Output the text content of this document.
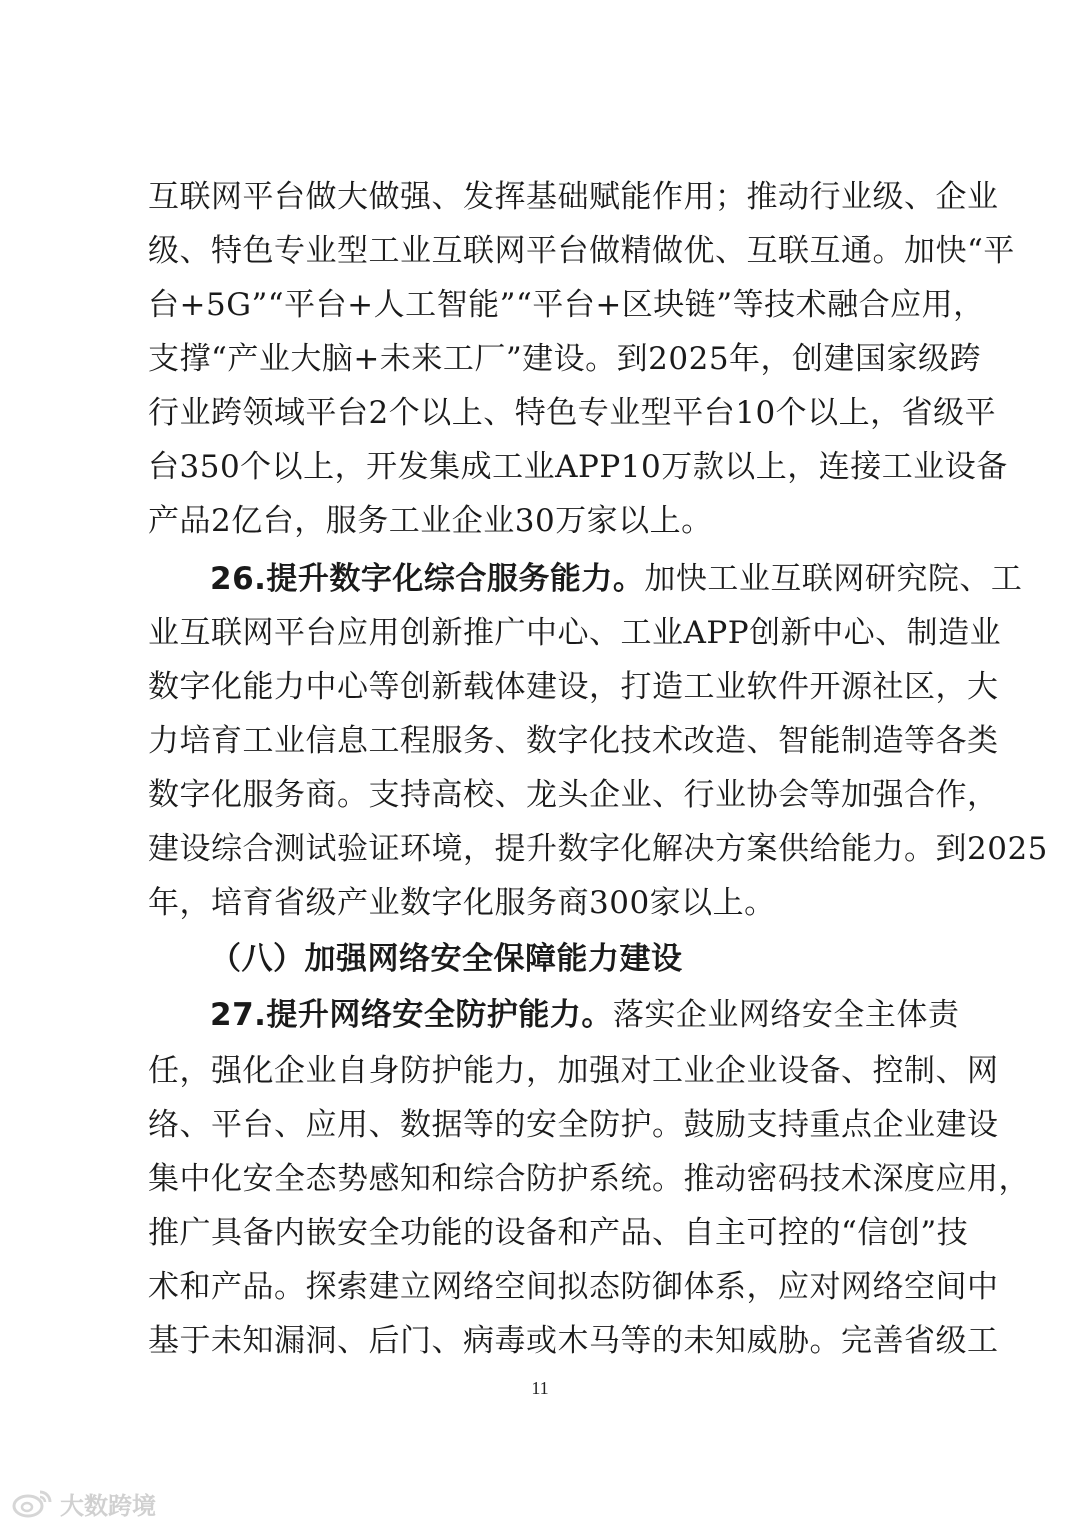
互联网平台做大做强、发挥基础赋能作用；推动行业级、企业
级、特色专业型工业互联网平台做精做优、互联互通。加快“平
台+5G”“平台+人工智能”“平台+区块链”等技术融合应用，
支撑“产业大脑+未来工厂”建设。到2025年，创建国家级跨
行业跨领域平台2个以上、特色专业型平台10个以上，省级平
台350个以上，开发集成工业APP10万款以上，连接工业设备
产品2亿台，服务工业企业30万家以上。
26.提升数字化综合服务能力。 加快工业互联网研究院、工
业互联网平台应用创新推广中心、工业APP创新中心、制造业
数字化能力中心等创新载体建设，打造工业软件开源社区，大
力培育工业信息工程服务、数字化技术改造、智能制造等各类
数字化服务商。支持高校、龙头企业、行业协会等加强合作，
建设综合测试验证环境，提升数字化解决方案供给能力。到2025
年，培育省级产业数字化服务商300家以上。
（八）加强网络安全保障能力建设
27.提升网络安全防护能力。 落实企业网络安全主体责
任，强化企业自身防护能力，加强对工业企业设备、控制、网
络、平台、应用、数据等的安全防护。鼓励支持重点企业建设
集中化安全态势感知和综合防护系统。推动密码技术深度应用，
推广具备内嵌安全功能的设备和产品、自主可控的“信创”技
术和产品。探索建立网络空间拟态防御体系，应对网络空间中
基于未知漏洞、后门、病毒或木马等的未知威胁。完善省级工
11
大数跨境
